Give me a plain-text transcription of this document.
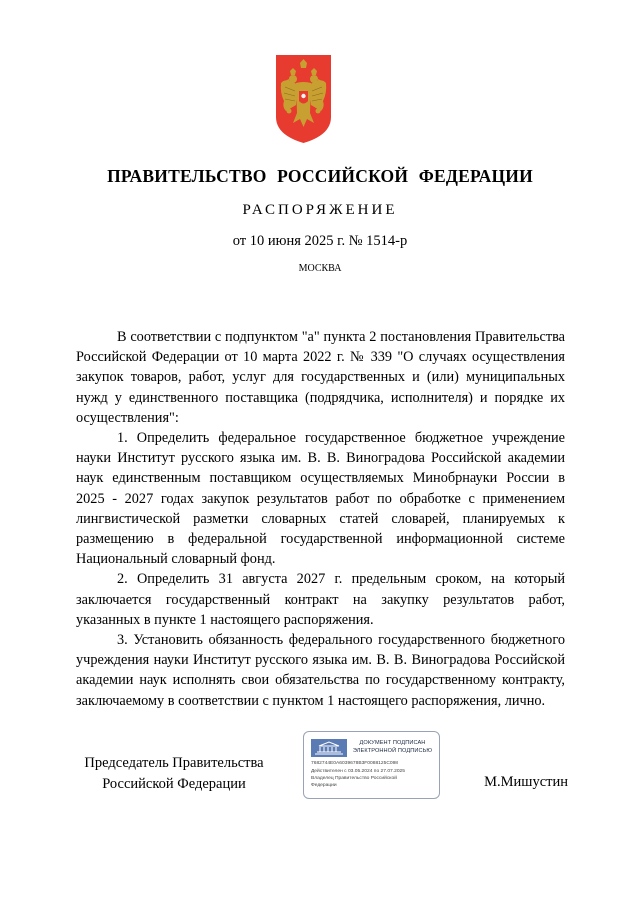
ПРАВИТЕЛЬСТВО РОССИЙСКОЙ ФЕДЕРАЦИИ
РАСПОРЯЖЕНИЕ
от 10 июня 2025 г. № 1514-р
МОСКВА

В соответствии с подпунктом "а" пункта 2 постановления Правительства Российской Федерации от 10 марта 2022 г. № 339 "О случаях осуществления закупок товаров, работ, услуг для государственных и (или) муниципальных нужд у единственного поставщика (подрядчика, исполнителя) и порядке их осуществления":

1. Определить федеральное государственное бюджетное учреждение науки Институт русского языка им. В. В. Виноградова Российской академии наук единственным поставщиком осуществляемых Минобрнауки России в 2025 - 2027 годах закупок результатов работ по обработке с применением лингвистической разметки словарных статей словарей, планируемых к размещению в федеральной государственной информационной системе Национальный словарный фонд.

2. Определить 31 августа 2027 г. предельным сроком, на который заключается государственный контракт на закупку результатов работ, указанных в пункте 1 настоящего распоряжения.

3. Установить обязанность федерального государственного бюджетного учреждения науки Институт русского языка им. В. В. Виноградова Российской академии наук исполнять свои обязательства по государственному контракту, заключаемому в соответствии с пунктом 1 настоящего распоряжения, лично.

Председатель Правительства
Российской Федерации
ДОКУМЕНТ ПОДПИСАН ЭЛЕКТРОННОЙ ПОДПИСЬЮ
7682744E0A6039678B3F0088125C098
Действителен с 03.05.2024 по 27.07.2025
Владелец Правительство Российской
Федерации	М.Мишустин
